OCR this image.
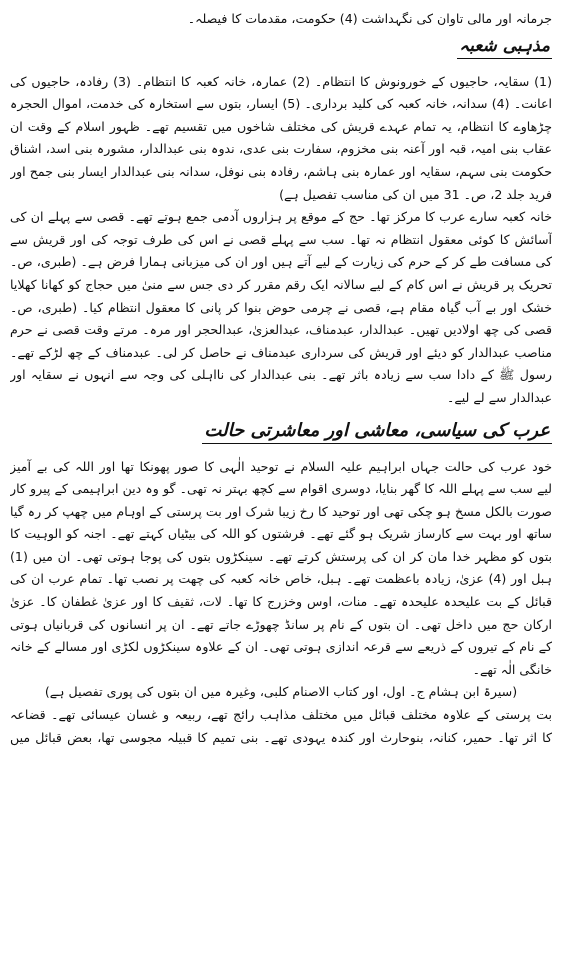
جرمانہ اور مالی تاوان کی نگہداشت (4) حکومت، مقدمات کا فیصلہ۔

مذہبی شعبہ

(1) سقایہ، حاجیوں کے خورونوش کا انتظام۔ (2) عمارہ، خانہ کعبہ کا انتظام۔ (3) رفادہ، حاجیوں کی

اعانت۔ (4) سدانہ، خانہ کعبہ کی کلید برداری۔ (5) ایسار، بتوں سے استخارہ کی خدمت، اموال الحجرہ

چڑھاوے کا انتظام، یہ تمام عہدے قریش کی مختلف شاخوں میں تقسیم تھے۔ ظہور اسلام کے وقت ان

عقاب بنی امیہ، قبہ اور آعنہ بنی مخزوم، سفارت بنی عدی، ندوہ بنی عبدالدار، مشورہ بنی اسد، اشناق

حکومت بنی سہم، سقایہ اور عمارہ بنی ہاشم، رفادہ بنی نوفل، سدانہ بنی عبدالدار ایسار بنی جمح اور

فرید جلد 2، ص۔ 31 میں ان کی مناسب تفصیل ہے)

خانہ کعبہ سارے عرب کا مرکز تھا۔ حج کے موقع پر ہزاروں آدمی جمع ہوتے تھے۔ قصی سے پہلے ان کی

آسائش کا کوئی معقول انتظام نہ تھا۔ سب سے پہلے قصی نے اس کی طرف توجہ کی اور قریش سے

کی مسافت طے کر کے حرم کی زیارت کے لیے آتے ہیں اور ان کی میزبانی ہمارا فرض ہے۔ (طبری، ص۔

تحریک پر قریش نے اس کام کے لیے سالانہ ایک رقم مقرر کر دی جس سے منیٰ میں حجاج کو کھانا کھلایا

خشک اور بے آب گیاہ مقام ہے، قصی نے چرمی حوض بنوا کر پانی کا معقول انتظام کیا۔ (طبری، ص۔

قصی کی چھ اولادیں تھیں۔ عبدالدار، عبدمناف، عبدالعزیٰ، عبدالحجر اور مرہ۔ مرتے وقت قصی نے حرم

مناصب عبدالدار کو دیئے اور قریش کی سرداری عبدمناف نے حاصل کر لی۔ عبدمناف کے چھ لڑکے تھے۔

رسول ﷺ کے دادا سب سے زیادہ باثر تھے۔ بنی عبدالدار کی نااہلی کی وجہ سے انہوں نے سقایہ اور

عبدالدار سے لے لیے۔

عرب کی سیاسی، معاشی اور معاشرتی حالت

خود عرب کی حالت جہاں ابراہیم علیہ السلام نے توحید الٰہی کا صور پھونکا تھا اور اللہ کی بے آمیز

لیے سب سے پہلے اللہ کا گھر بنایا، دوسری اقوام سے کچھ بہتر نہ تھی۔ گو وہ دین ابراہیمی کے پیرو کار

صورت بالکل مسخ ہو چکی تھی اور توحید کا رخ زیبا شرک اور بت پرستی کے اوہام میں چھپ کر رہ گیا

ساتھ اور بہت سے کارساز شریک ہو گئے تھے۔ فرشتوں کو اللہ کی بیٹیاں کہتے تھے۔ اجنہ کو الوہیت کا

بتوں کو مظہر خدا مان کر ان کی پرستش کرتے تھے۔ سینکڑوں بتوں کی پوجا ہوتی تھی۔ ان میں (1)

ہبل اور (4) عزیٰ، زیادہ باعظمت تھے۔ ہبل، خاص خانہ کعبہ کی چھت پر نصب تھا۔ تمام عرب ان کی

قبائل کے بت علیحدہ علیحدہ تھے۔ منات، اوس وخزرج کا تھا۔ لات، ثقیف کا اور عزیٰ غطفان کا۔ عزیٰ

ارکان حج میں داخل تھی۔ ان بتوں کے نام پر سانڈ چھوڑے جاتے تھے۔ ان پر انسانوں کی قربانیاں ہوتی

کے نام کے تیروں کے ذریعے سے قرعہ اندازی ہوتی تھی۔ ان کے علاوہ سینکڑوں لکڑی اور مسالے کے خانہ

خانگی الٰہ تھے۔

(سیرۃ ابن ہشام ج۔ اول، اور کتاب الاصنام کلبی، وغیرہ میں ان بتوں کی پوری تفصیل ہے)

بت پرستی کے علاوہ مختلف قبائل میں مختلف مذاہب رائج تھے، ربیعہ و غسان عیسائی تھے۔ قضاعہ

کا اثر تھا۔ حمیر، کنانہ، بنوحارث اور کندہ یہودی تھے۔ بنی تمیم کا قبیلہ مجوسی تھا، بعض قبائل میں
